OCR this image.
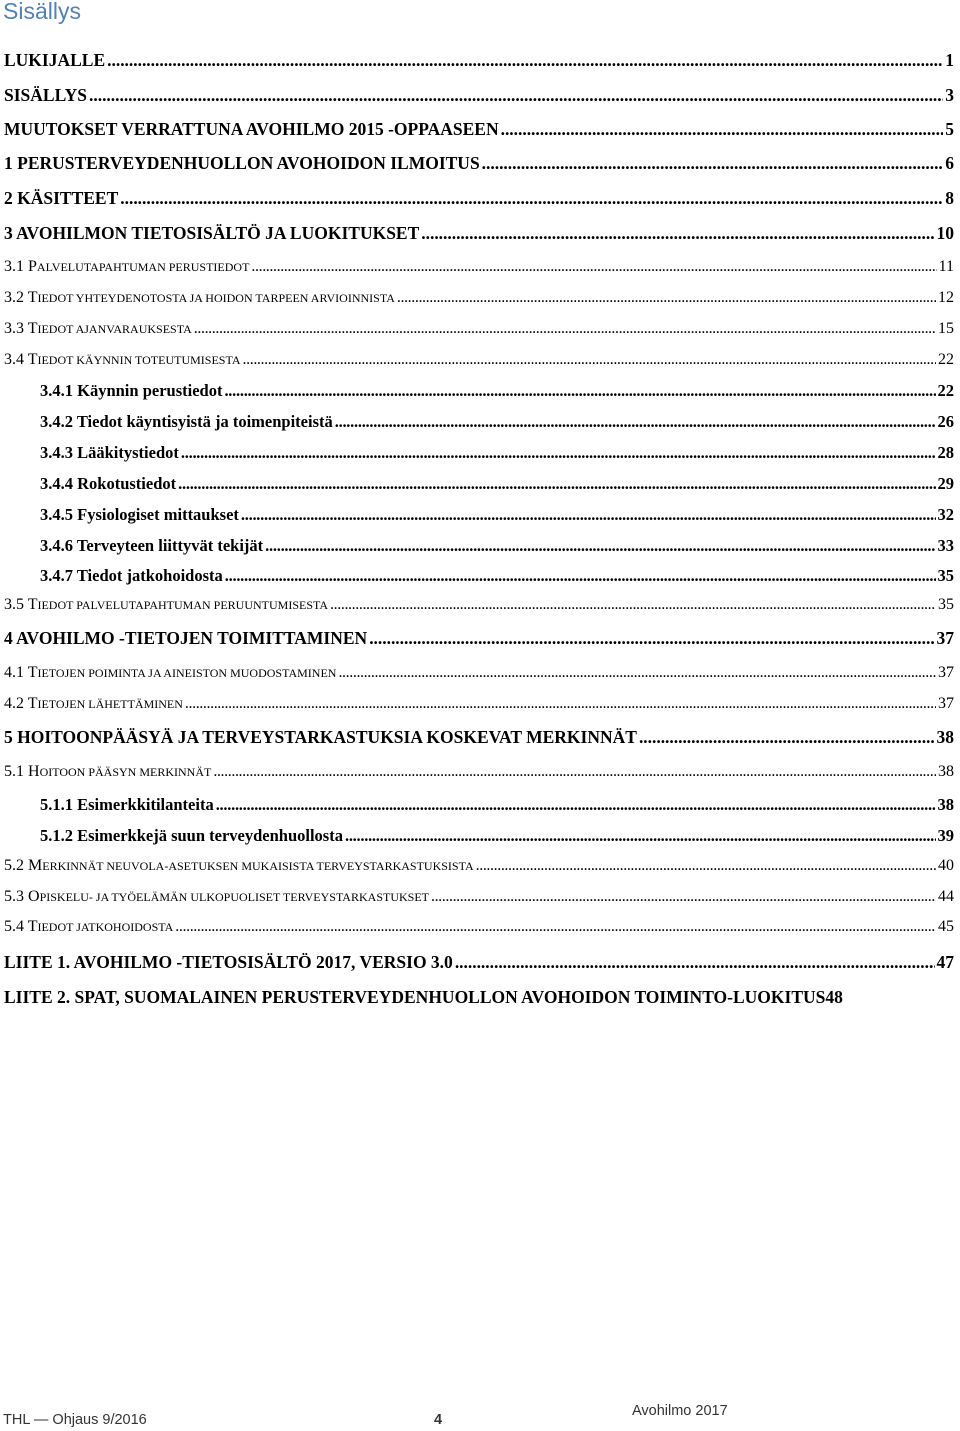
Sisällys
LUKIJALLE . . .	1
SISÄLLYS . . .	3
MUUTOKSET VERRATTUNA AVOHILMO 2015 -OPPAASEEN . . .	5
1 PERUSTERVEYDENHUOLLON AVOHOIDON ILMOITUS . . .	6
2 KÄSITTEET . . .	8
3 AVOHILMON TIETOSISÄLTÖ JA LUOKITUKSET . . .	10
3.1 PALVELUTAPAHTUMAN PERUSTIEDOT . . .	11
3.2 TIEDOT YHTEYDENOTOSTA JA HOIDON TARPEEN ARVIOINNISTA . . .	12
3.3 TIEDOT AJANVARAUKSESTA . . .	15
3.4 TIEDOT KÄYNNIN TOTEUTUMISESTA . . .	22
3.4.1 Käynnin perustiedot . . .	22
3.4.2 Tiedot käyntisyistä ja toimenpiteistä . . .	26
3.4.3 Lääkitystiedot . . .	28
3.4.4 Rokotustiedot . . .	29
3.4.5 Fysiologiset mittaukset . . .	32
3.4.6 Terveyteen liittyvät tekijät . . .	33
3.4.7 Tiedot jatkohoidosta . . .	35
3.5 TIEDOT PALVELUTAPAHTUMAN PERUUNTUMISESTA . . .	35
4 AVOHILMO -TIETOJEN TOIMITTAMINEN . . .	37
4.1 TIETOJEN POIMINTA JA AINEISTON MUODOSTAMINEN . . .	37
4.2 TIETOJEN LÄHETTÄMINEN . . .	37
5 HOITOONPÄÄSYÄ JA TERVEYSTARKASTUKSIA KOSKEVAT MERKINNÄT . . .	38
5.1 HOITOON PÄÄSYN MERKINNÄT . . .	38
5.1.1 Esimerkkitilanteita . . .	38
5.1.2 Esimerkkejä suun terveydenhuollosta . . .	39
5.2 MERKINNÄT NEUVOLA-ASETUKSEN MUKAISISTA TERVEYSTARKASTUKSISTA . . .	40
5.3 OPISKELU- JA TYÖELÄMÄN ULKOPUOLISET TERVEYSTARKASTUKSET . . .	44
5.4 TIEDOT JATKOHOIDOSTA . . .	45
LIITE 1. AVOHILMO -TIETOSISÄLTÖ 2017, VERSIO 3.0 . . .	47
LIITE 2. SPAT, SUOMALAINEN PERUSTERVEYDENHUOLLON AVOHOIDON TOIMINTO-LUOKITUS 48
THL — Ohjaus 9/2016	4
Avohilmo 2017
